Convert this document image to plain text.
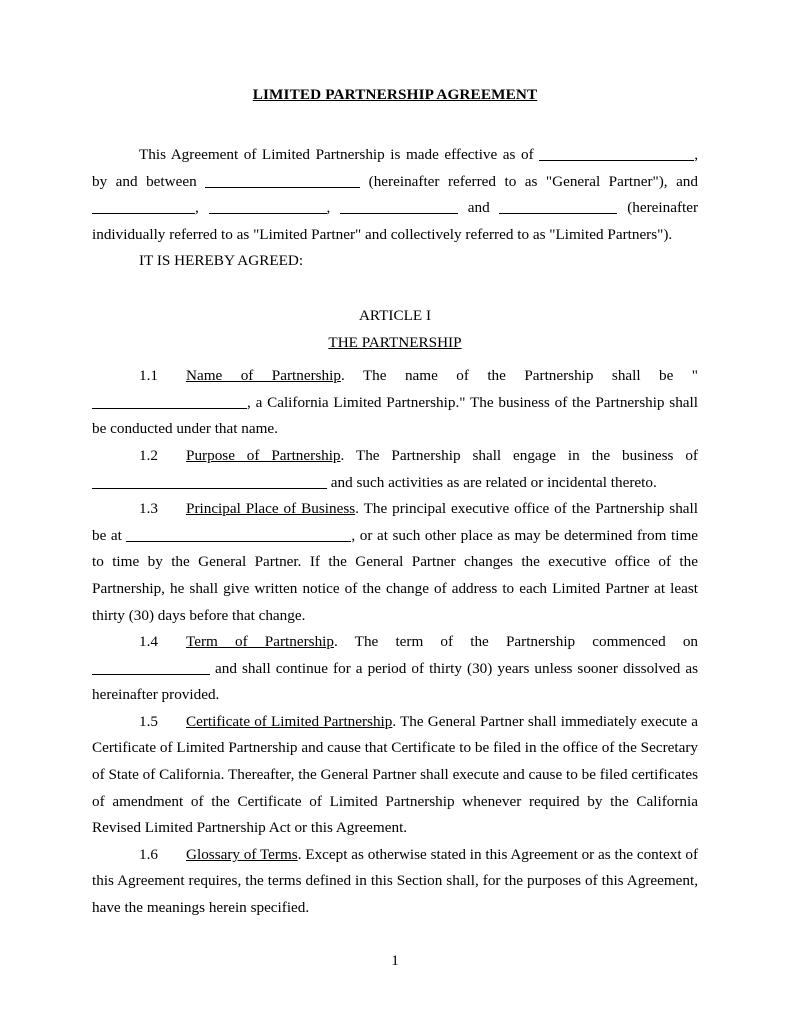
LIMITED PARTNERSHIP AGREEMENT

This Agreement of Limited Partnership is made effective as of	, by and between	(hereinafter referred to as "General Partner"), and ,	,	and	(hereinafter individually referred to as "Limited Partner" and collectively referred to as "Limited Partners").

IT IS HEREBY AGREED:

ARTICLE I

THE PARTNERSHIP

1.1 Name of Partnership. The name of the Partnership shall be ", a California Limited Partnership." The business of the Partnership shall be conducted under that name.

1.2 Purpose of Partnership. The Partnership shall engage in the business of  and such activities as are related or incidental thereto.

1.3 Principal Place of Business. The principal executive office of the Partnership shall be at	, or at such other place as may be determined from time to time by the General Partner. If the General Partner changes the executive office of the Partnership, he shall give written notice of the change of address to each Limited Partner at least thirty (30) days before that change.

1.4 Term of Partnership. The term of the Partnership commenced on  and shall continue for a period of thirty (30) years unless sooner dissolved as hereinafter provided.

1.5 Certificate of Limited Partnership. The General Partner shall immediately execute a Certificate of Limited Partnership and cause that Certificate to be filed in the office of the Secretary of State of California. Thereafter, the General Partner shall execute and cause to be filed certificates of amendment of the Certificate of Limited Partnership whenever required by the California Revised Limited Partnership Act or this Agreement.

1.6 Glossary of Terms. Except as otherwise stated in this Agreement or as the context of this Agreement requires, the terms defined in this Section shall, for the purposes of this Agreement, have the meanings herein specified.

1
